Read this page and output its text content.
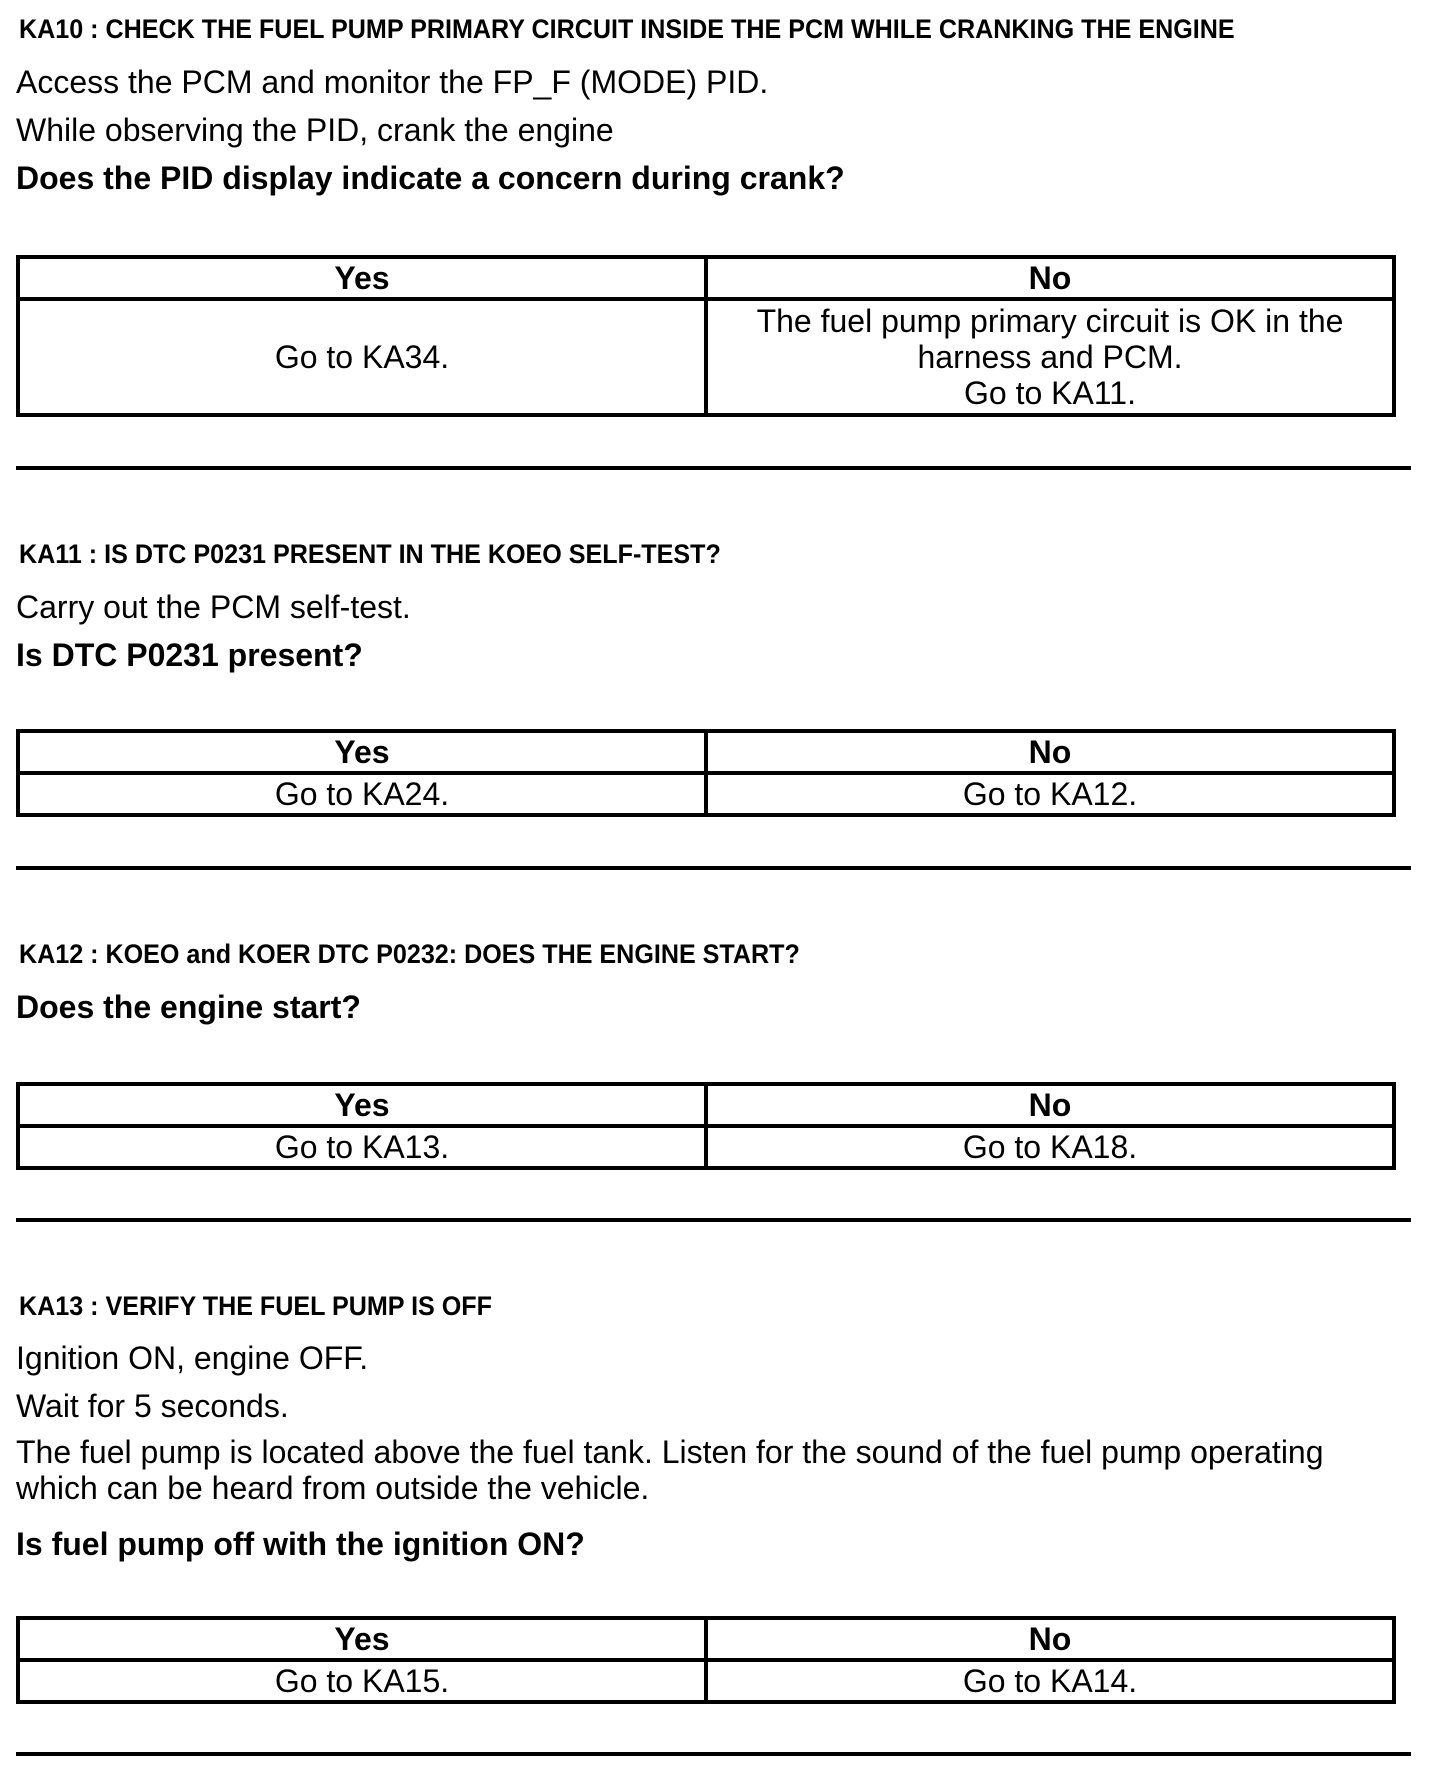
KA10 : CHECK THE FUEL PUMP PRIMARY CIRCUIT INSIDE THE PCM WHILE CRANKING THE ENGINE
Access the PCM and monitor the FP_F (MODE) PID.
While observing the PID, crank the engine
Does the PID display indicate a concern during crank?
Yes	No
Go to KA34.	The fuel pump primary circuit is OK in the
harness and PCM.
Go to KA11.
KA11 : IS DTC P0231 PRESENT IN THE KOEO SELF-TEST?
Carry out the PCM self-test.
Is DTC P0231 present?
Yes	No
Go to KA24.	Go to KA12.
KA12 : KOEO and KOER DTC P0232: DOES THE ENGINE START?
Does the engine start?
Yes	No
Go to KA13.	Go to KA18.
KA13 : VERIFY THE FUEL PUMP IS OFF
Ignition ON, engine OFF.
Wait for 5 seconds.
The fuel pump is located above the fuel tank. Listen for the sound of the fuel pump operating which can be heard from outside the vehicle.
Is fuel pump off with the ignition ON?
Yes	No
Go to KA15.	Go to KA14.
